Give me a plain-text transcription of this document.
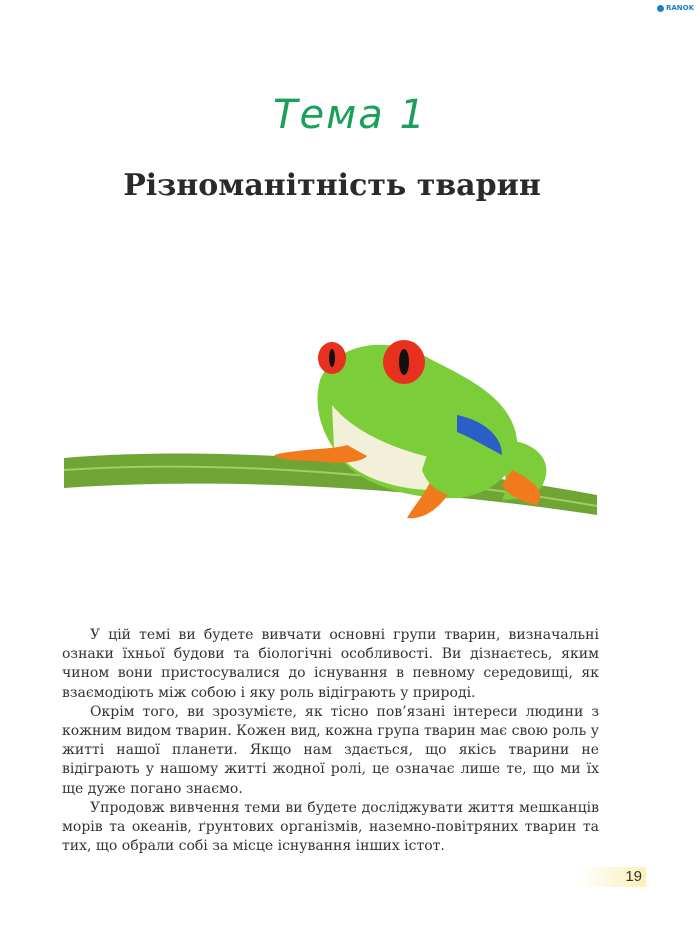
RANOK
Тема 1
Різноманітність тварин

У цій темі ви будете вивчати основні групи тварин, визначальні ознаки їхньої будови та біологічні особливості. Ви дізнаєтесь, яким чином вони пристосувалися до існування в певному середовищі, як взаємодіють між собою і яку роль відіграють у природі.

Окрім того, ви зрозумієте, як тісно пов’язані інтереси людини з кожним видом тварин. Кожен вид, кожна група тварин має свою роль у житті нашої планети. Якщо нам здається, що якісь тварини не відіграють у нашому житті жодної ролі, це означає лише те, що ми їх ще дуже погано знаємо.

Упродовж вивчення теми ви будете досліджувати життя мешканців морів та океанів, ґрунтових організмів, наземно-повітряних тварин та тих, що обрали собі за місце існування інших істот.

19
